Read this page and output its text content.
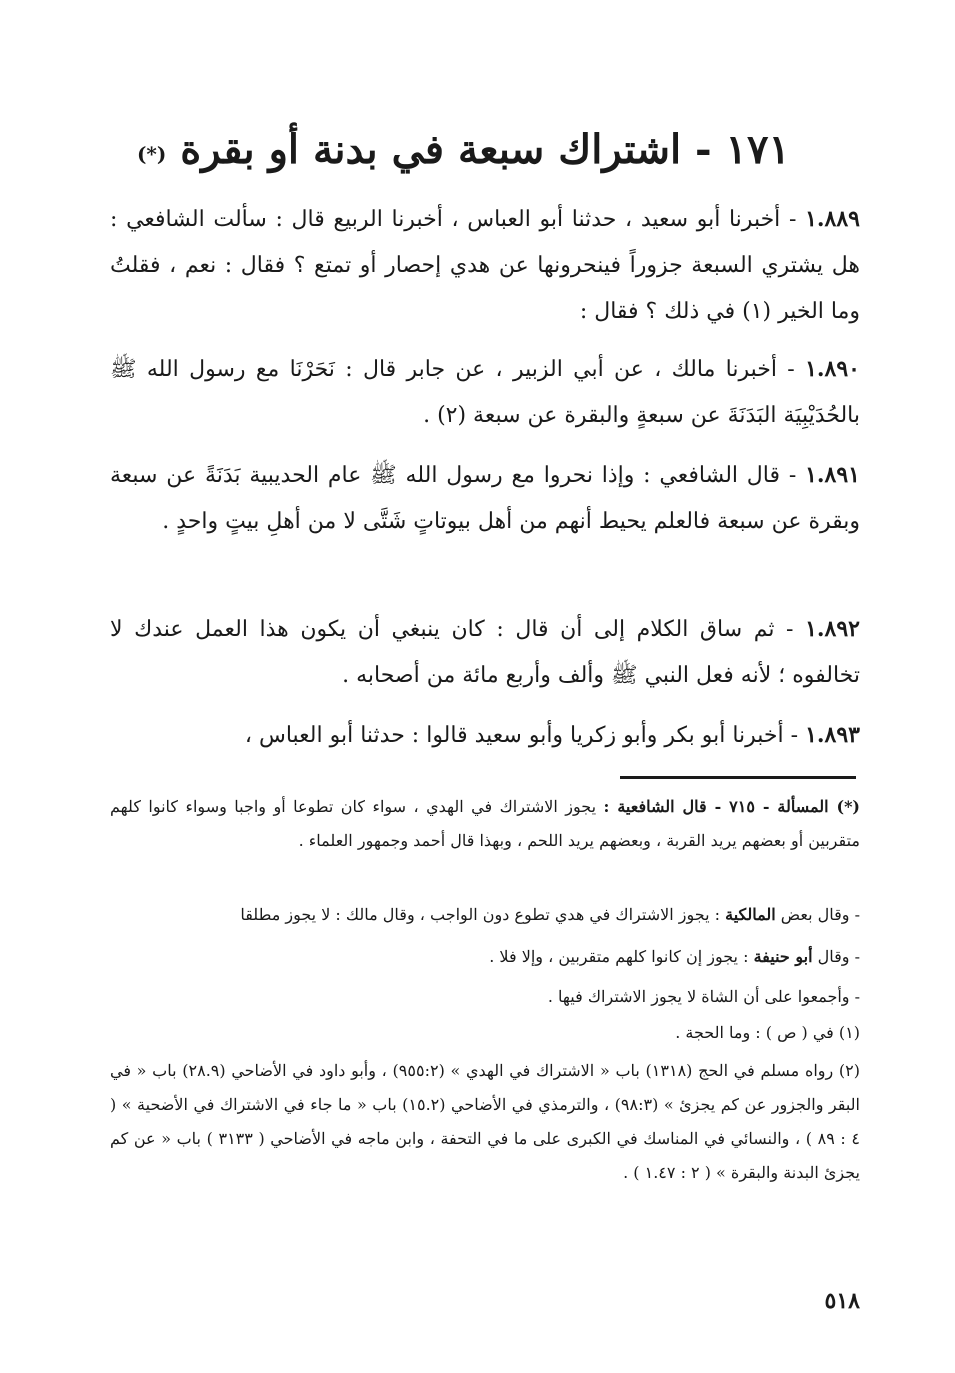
١٧١ - اشتراك سبعة في بدنة أو بقرة (*)
١.٨٨٩ - أخبرنا أبو سعيد ، حدثنا أبو العباس ، أخبرنا الربيع قال : سألت الشافعي : هل يشتري السبعة جزوراً فينحرونها عن هدي إحصار أو تمتع ؟ فقال : نعم ، فقلتُ وما الخير (١) في ذلك ؟ فقال :
١.٨٩٠ - أخبرنا مالك ، عن أبي الزبير ، عن جابر قال : نَحَرْنَا مع رسول الله ﷺ بالحُدَيْبِيَة البَدَنَةَ عن سبعةٍ والبقرة عن سبعة (٢) .
١.٨٩١ - قال الشافعي : وإذا نحروا مع رسول الله ﷺ عام الحديبية بَدَنَةً عن سبعة وبقرة عن سبعة فالعلم يحيط أنهم من أهل بيوتاتٍ شَتَّى لا من أهلِ بيتٍ واحدٍ .
١.٨٩٢ - ثم ساق الكلام إلى أن قال : كان ينبغي أن يكون هذا العمل عندك لا تخالفوه ؛ لأنه فعل النبي ﷺ وألف وأربع مائة من أصحابه .
١.٨٩٣ - أخبرنا أبو بكر وأبو زكريا وأبو سعيد قالوا : حدثنا أبو العباس ،
(*) المسألة - ٧١٥ - قال الشافعية : يجوز الاشتراك في الهدي ، سواء كان تطوعا أو واجبا وسواء كانوا كلهم متقربين أو بعضهم يريد القربة ، وبعضهم يريد اللحم ، وبهذا قال أحمد وجمهور العلماء .
- وقال بعض المالكية : يجوز الاشتراك في هدي تطوع دون الواجب ، وقال مالك : لا يجوز مطلقا
- وقال أبو حنيفة : يجوز إن كانوا كلهم متقربين ، وإلا فلا .
- وأجمعوا على أن الشاة لا يجوز الاشتراك فيها .
(١) في ( ص ) : وما الحجة .
(٢) رواه مسلم في الحج (١٣١٨) باب « الاشتراك في الهدي » (٩٥٥:٢) ، وأبو داود في الأضاحي (٢٨.٩) باب « في البقر والجزور عن كم يجزئ » (٩٨:٣) ، والترمذي في الأضاحي (١٥.٢) باب « ما جاء في الاشتراك في الأضحية » ( ٤ : ٨٩ ) ، والنسائي في المناسك في الكبرى على ما في التحفة ، وابن ماجه في الأضاحي ( ٣١٣٣ ) باب « عن كم يجزئ البدنة والبقرة » ( ٢ : ١.٤٧ ) .
٥١٨
